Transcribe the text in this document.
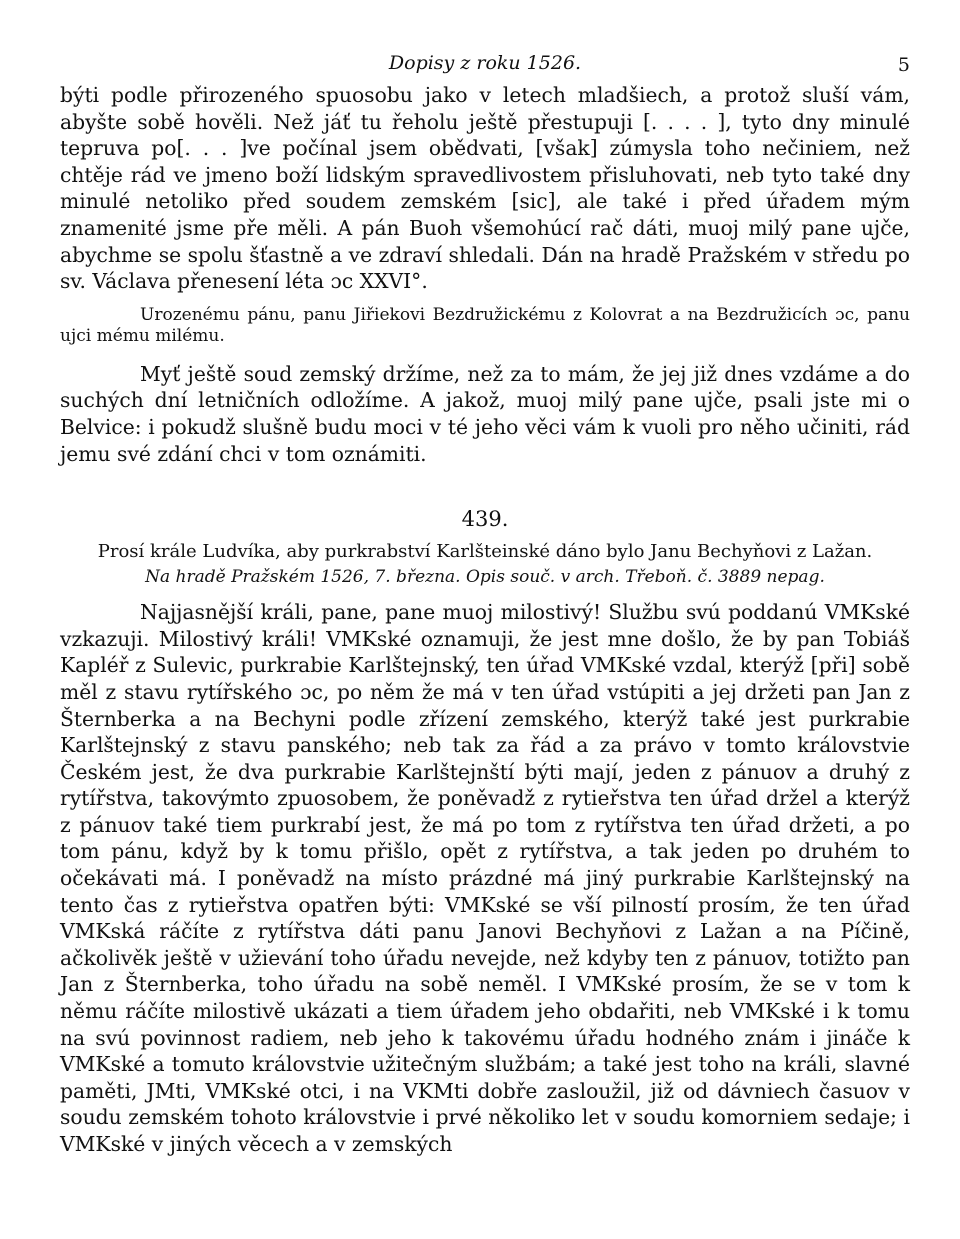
Dopisy z roku 1526.	5

býti podle přirozeného spuosobu jako v letech mladšiech, a protož sluší vám, abyšte sobě hověli. Než jáť tu řeholu ještě přestupuji [. . . . ], tyto dny minulé tepruva po[. . . ]ve počínal jsem obědvati, [však] zúmysla toho nečiniem, než chtěje rád ve jmeno boží lidským spravedlivostem přisluhovati, neb tyto také dny minulé netoliko před soudem zemském [sic], ale také i před úřadem mým znamenité jsme pře měli. A pán Buoh všemohúcí rač dáti, muoj milý pane ujče, abychme se spolu šťastně a ve zdraví shledali. Dán na hradě Pražském v středu po sv. Václava přenesení léta ɔc XXVI°.

Urozenému pánu, panu Jiřiekovi Bezdružickému z Kolovrat a na Bezdružicích ɔc, panu ujci mému milému.

Myť ještě soud zemský držíme, než za to mám, že jej již dnes vzdáme a do suchých dní letničních odložíme. A jakož, muoj milý pane ujče, psali jste mi o Belvice: i pokudž slušně budu moci v té jeho věci vám k vuoli pro něho učiniti, rád jemu své zdání chci v tom oznámiti.

439.

Prosí krále Ludvíka, aby purkrabství Karlšteinské dáno bylo Janu Bechyňovi z Lažan.

Na hradě Pražském 1526, 7. března. Opis souč. v arch. Třeboň. č. 3889 nepag.

Najjasnější králi, pane, pane muoj milostivý! Službu svú poddanú VMKské vzkazuji. Milostivý králi! VMKské oznamuji, že jest mne došlo, že by pan Tobiáš Kapléř z Sulevic, purkrabie Karlštejnský, ten úřad VMKské vzdal, kterýž [při] sobě měl z stavu rytířského ɔc, po něm že má v ten úřad vstúpiti a jej držeti pan Jan z Šternberka a na Bechyni podle zřízení zemského, kterýž také jest purkrabie Karlštejnský z stavu panského; neb tak za řád a za právo v tomto královstvie Českém jest, že dva purkrabie Karlštejnští býti mají, jeden z pánuov a druhý z rytířstva, takovýmto zpuosobem, že poněvadž z rytieřstva ten úřad držel a kterýž z pánuov také tiem purkrabí jest, že má po tom z rytířstva ten úřad držeti, a po tom pánu, když by k tomu přišlo, opět z rytířstva, a tak jeden po druhém to očekávati má. I poněvadž na místo prázdné má jiný purkrabie Karlštejnský na tento čas z rytieřstva opatřen býti: VMKské se vší pilností prosím, že ten úřad VMKská ráčíte z rytířstva dáti panu Janovi Bechyňovi z Lažan a na Píčině, ačkolivěk ještě v užievání toho úřadu nevejde, než kdyby ten z pánuov, totižto pan Jan z Šternberka, toho úřadu na sobě neměl. I VMKské prosím, že se v tom k němu ráčíte milostivě ukázati a tiem úřadem jeho obdařiti, neb VMKské i k tomu na svú povinnost radiem, neb jeho k takovému úřadu hodného znám i jináče k VMKské a tomuto královstvie užitečným službám; a také jest toho na králi, slavné paměti, JMti, VMKské otci, i na VKMti dobře zasloužil, již od dávniech časuov v soudu zemském tohoto královstvie i prvé několiko let v soudu komorniem sedaje; i VMKské v jiných věcech a v zemských
